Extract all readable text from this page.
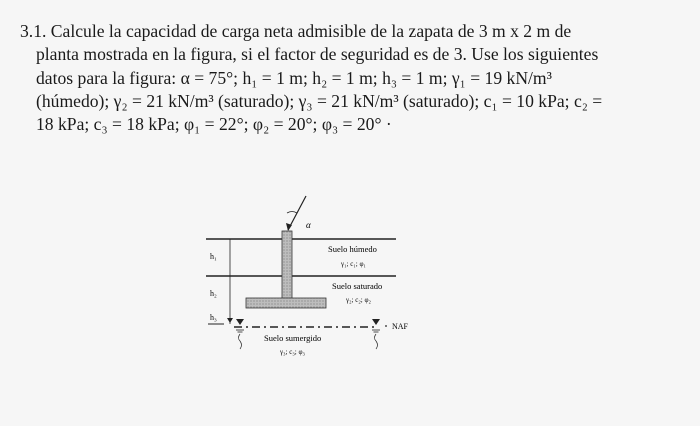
3.1. Calcule la capacidad de carga neta admisible de la zapata de 3 m x 2 m de
planta mostrada en la figura, si el factor de seguridad es de 3. Use los siguientes
datos para la figura: α = 75°; h₁ = 1 m; h₂ = 1 m; h₃ = 1 m; γ₁ = 19 kN/m³
(húmedo); γ₂ = 21 kN/m³ (saturado); γ₃ = 21 kN/m³ (saturado); c₁ = 10 kPa; c₂ =
18 kPa; c₃ = 18 kPa; φ₁ = 22°; φ₂ = 20°; φ₃ = 20° ·
α
h₁
h₂
h₃
NAF
Suelo húmedo
γ₁; c₁; φ₁
Suelo saturado
γ₂; c₂; φ₂
Suelo sumergido
γ₃; c₃; φ₃
